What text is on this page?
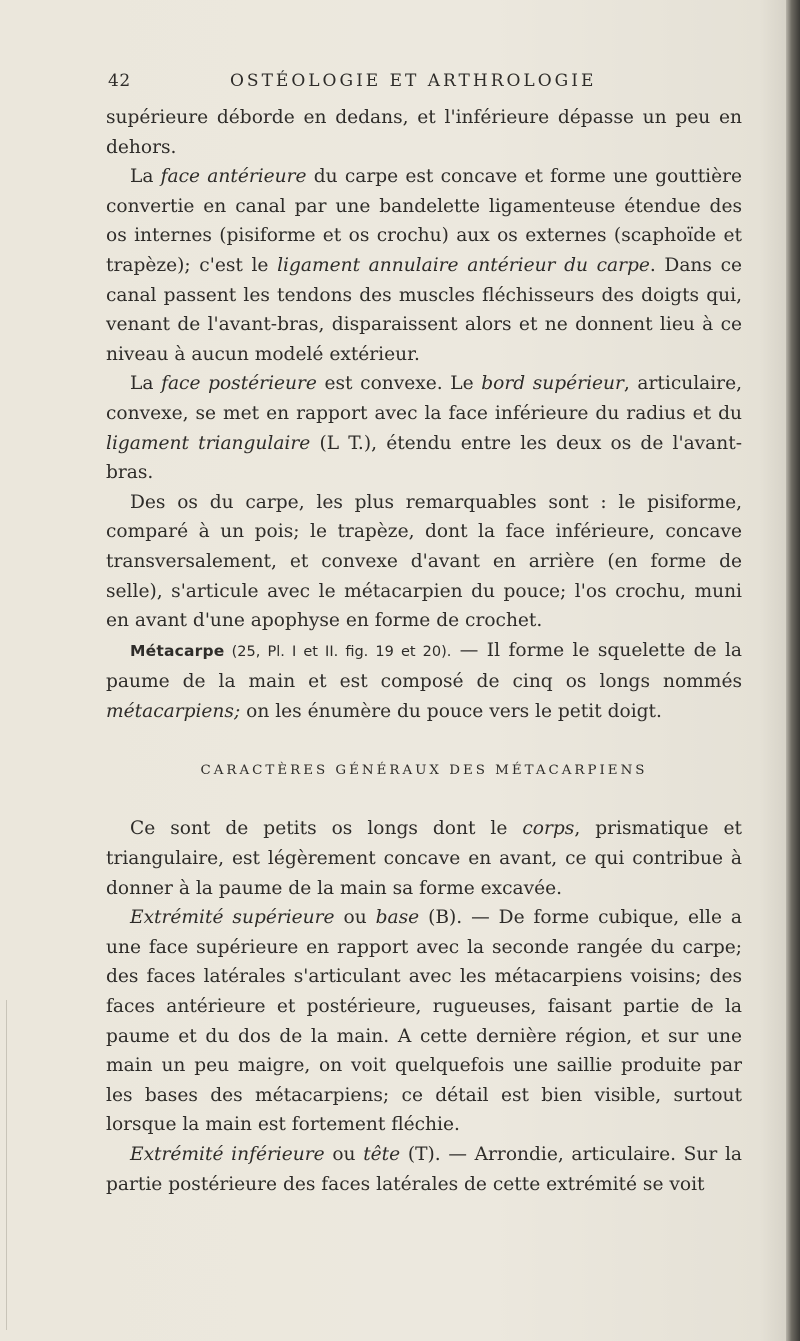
42	OSTÉOLOGIE ET ARTHROLOGIE

supérieure déborde en dedans, et l'inférieure dépasse un peu en dehors.

La face antérieure du carpe est concave et forme une gouttière convertie en canal par une bandelette ligamenteuse étendue des os internes (pisiforme et os crochu) aux os externes (scaphoïde et trapèze); c'est le ligament annulaire antérieur du carpe. Dans ce canal passent les tendons des muscles fléchisseurs des doigts qui, venant de l'avant-bras, disparaissent alors et ne donnent lieu à ce niveau à aucun modelé extérieur.

La face postérieure est convexe. Le bord supérieur, articulaire, convexe, se met en rapport avec la face inférieure du radius et du ligament triangulaire (L T.), étendu entre les deux os de l'avant-bras.

Des os du carpe, les plus remarquables sont : le pisiforme, comparé à un pois; le trapèze, dont la face inférieure, concave transversalement, et convexe d'avant en arrière (en forme de selle), s'articule avec le métacarpien du pouce; l'os crochu, muni en avant d'une apophyse en forme de crochet.

Métacarpe (25, Pl. I et II. fig. 19 et 20). — Il forme le squelette de la paume de la main et est composé de cinq os longs nommés métacarpiens; on les énumère du pouce vers le petit doigt.

CARACTÈRES GÉNÉRAUX DES MÉTACARPIENS

Ce sont de petits os longs dont le corps, prismatique et triangulaire, est légèrement concave en avant, ce qui contribue à donner à la paume de la main sa forme excavée.

Extrémité supérieure ou base (B). — De forme cubique, elle a une face supérieure en rapport avec la seconde rangée du carpe; des faces latérales s'articulant avec les métacarpiens voisins; des faces antérieure et postérieure, rugueuses, faisant partie de la paume et du dos de la main. A cette dernière région, et sur une main un peu maigre, on voit quelquefois une saillie produite par les bases des métacarpiens; ce détail est bien visible, surtout lorsque la main est fortement fléchie.

Extrémité inférieure ou tête (T). — Arrondie, articulaire. Sur la partie postérieure des faces latérales de cette extrémité se voit
